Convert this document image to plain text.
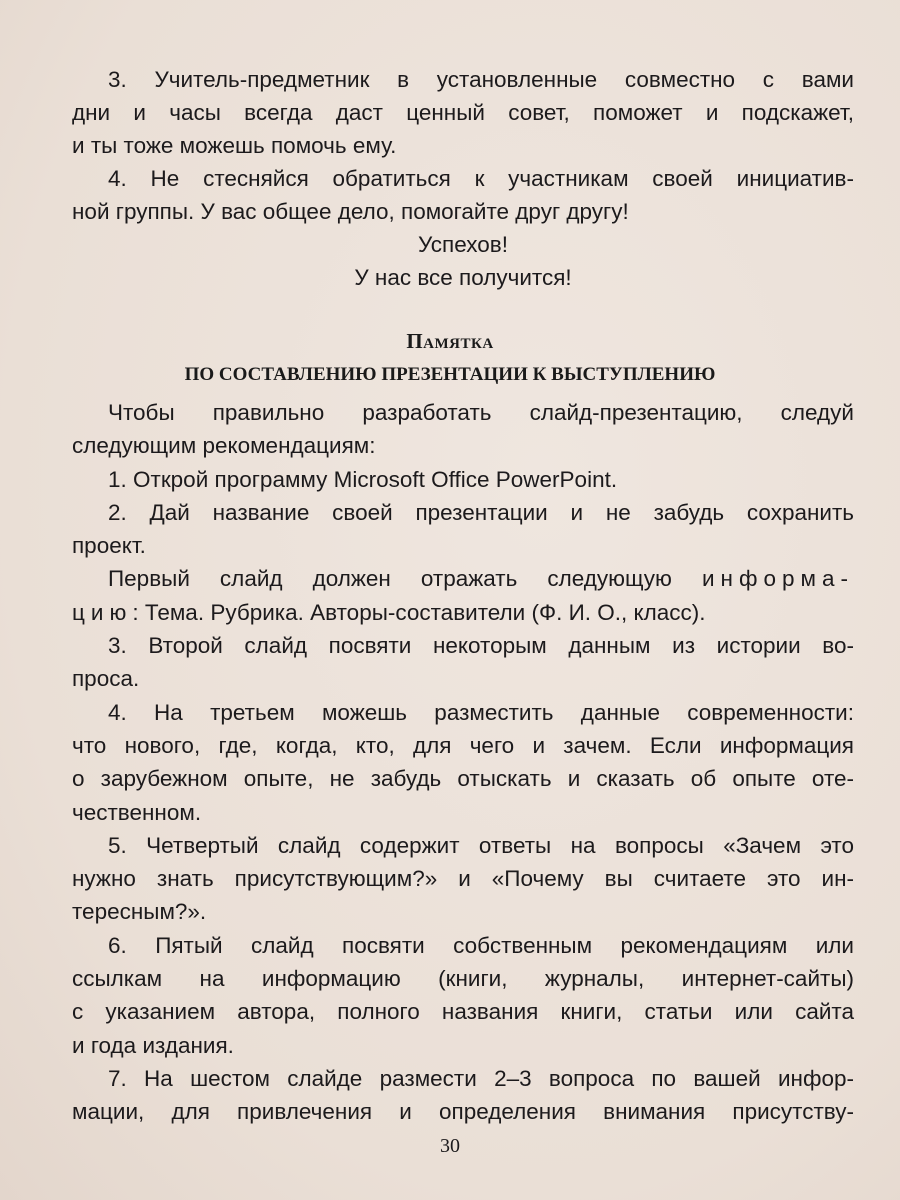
3. Учитель-предметник в установленные совместно с вами
дни и часы всегда даст ценный совет, поможет и подскажет,
и ты тоже можешь помочь ему.
4. Не стесняйся обратиться к участникам своей инициатив-
ной группы. У вас общее дело, помогайте друг другу!
Успехов!
У нас все получится!
Памятка
ПО СОСТАВЛЕНИЮ ПРЕЗЕНТАЦИИ К ВЫСТУПЛЕНИЮ
Чтобы правильно разработать слайд-презентацию, следуй
следующим рекомендациям:
1. Открой программу Microsoft Office PowerPoint.
2. Дай название своей презентации и не забудь сохранить
проект.
Первый слайд должен отражать следующую информа-
цию: Тема. Рубрика. Авторы-составители (Ф. И. О., класс).
3. Второй слайд посвяти некоторым данным из истории во-
проса.
4. На третьем можешь разместить данные современности:
что нового, где, когда, кто, для чего и зачем. Если информация
о зарубежном опыте, не забудь отыскать и сказать об опыте оте-
чественном.
5. Четвертый слайд содержит ответы на вопросы «Зачем это
нужно знать присутствующим?» и «Почему вы считаете это ин-
тересным?».
6. Пятый слайд посвяти собственным рекомендациям или
ссылкам на информацию (книги, журналы, интернет-сайты)
с указанием автора, полного названия книги, статьи или сайта
и года издания.
7. На шестом слайде размести 2–3 вопроса по вашей инфор-
мации, для привлечения и определения внимания присутству-
30
